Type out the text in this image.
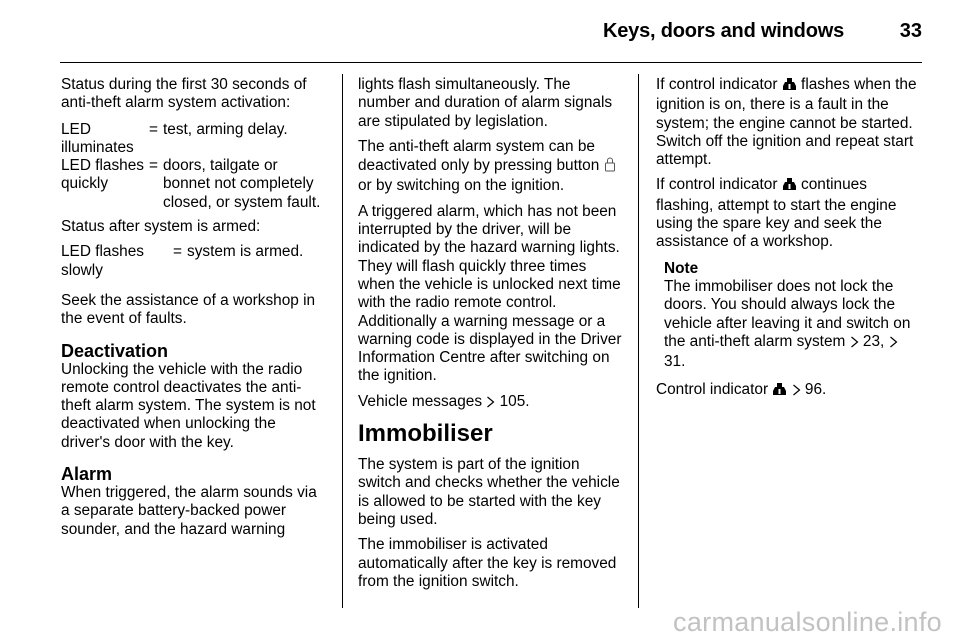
Keys, doors and windows	33

Status during the first 30 seconds of anti-theft alarm system activation:

LED illuminates
= test, arming delay.
LED flashes quickly
= doors, tailgate or bonnet not completely closed, or system fault.

Status after system is armed:

LED flashes slowly
= system is armed.

Seek the assistance of a workshop in the event of faults.

Deactivation

Unlocking the vehicle with the radio remote control deactivates the anti-theft alarm system. The system is not deactivated when unlocking the driver's door with the key.

Alarm

When triggered, the alarm sounds via a separate battery-backed power sounder, and the hazard warning

lights flash simultaneously. The number and duration of alarm signals are stipulated by legislation.

The anti-theft alarm system can be deactivated only by pressing button  or by switching on the ignition.

A triggered alarm, which has not been interrupted by the driver, will be indicated by the hazard warning lights. They will flash quickly three times when the vehicle is unlocked next time with the radio remote control. Additionally a warning message or a warning code is displayed in the Driver Information Centre after switching on the ignition.

Vehicle messages 105.

Immobiliser

The system is part of the ignition switch and checks whether the vehicle is allowed to be started with the key being used.

The immobiliser is activated automatically after the key is removed from the ignition switch.

If control indicator flashes when the ignition is on, there is a fault in the system; the engine cannot be started. Switch off the ignition and repeat start attempt.

If control indicator continues flashing, attempt to start the engine using the spare key and seek the assistance of a workshop.

Note
The immobiliser does not lock the doors. You should always lock the vehicle after leaving it and switch on the anti-theft alarm system 23,  31.

Control indicator 96.

carmanualsonline.info
